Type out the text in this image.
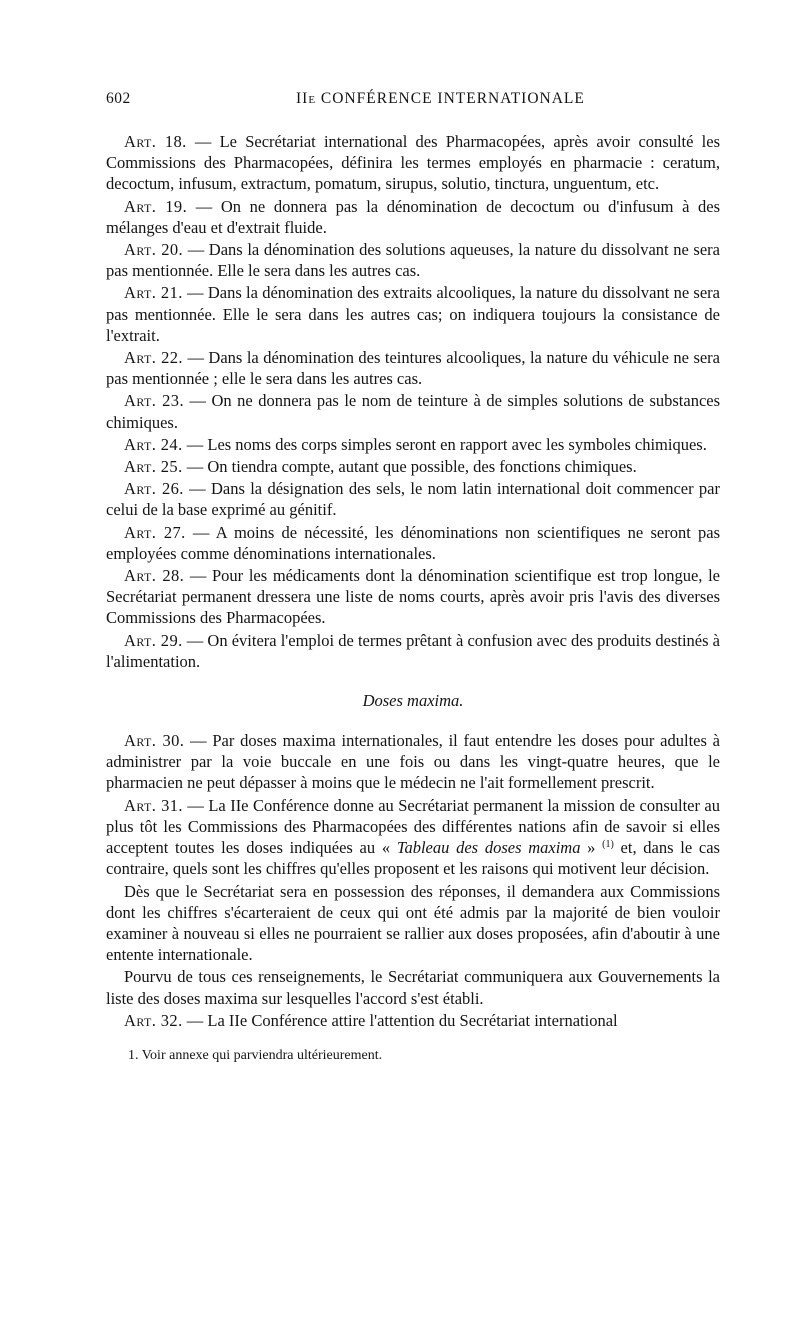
602	IIe CONFÉRENCE INTERNATIONALE

Art. 18. — Le Secrétariat international des Pharmacopées, après avoir consulté les Commissions des Pharmacopées, définira les termes employés en pharmacie : ceratum, decoctum, infusum, extractum, pomatum, sirupus, solutio, tinctura, unguentum, etc.

Art. 19. — On ne donnera pas la dénomination de decoctum ou d'infusum à des mélanges d'eau et d'extrait fluide.

Art. 20. — Dans la dénomination des solutions aqueuses, la nature du dissolvant ne sera pas mentionnée. Elle le sera dans les autres cas.

Art. 21. — Dans la dénomination des extraits alcooliques, la nature du dissolvant ne sera pas mentionnée. Elle le sera dans les autres cas; on indiquera toujours la consistance de l'extrait.

Art. 22. — Dans la dénomination des teintures alcooliques, la nature du véhicule ne sera pas mentionnée ; elle le sera dans les autres cas.

Art. 23. — On ne donnera pas le nom de teinture à de simples solutions de substances chimiques.

Art. 24. — Les noms des corps simples seront en rapport avec les symboles chimiques.

Art. 25. — On tiendra compte, autant que possible, des fonctions chimiques.

Art. 26. — Dans la désignation des sels, le nom latin international doit commencer par celui de la base exprimé au génitif.

Art. 27. — A moins de nécessité, les dénominations non scientifiques ne seront pas employées comme dénominations internationales.

Art. 28. — Pour les médicaments dont la dénomination scientifique est trop longue, le Secrétariat permanent dressera une liste de noms courts, après avoir pris l'avis des diverses Commissions des Pharmacopées.

Art. 29. — On évitera l'emploi de termes prêtant à confusion avec des produits destinés à l'alimentation.

Doses maxima.

Art. 30. — Par doses maxima internationales, il faut entendre les doses pour adultes à administrer par la voie buccale en une fois ou dans les vingt-quatre heures, que le pharmacien ne peut dépasser à moins que le médecin ne l'ait formellement prescrit.

Art. 31. — La IIe Conférence donne au Secrétariat permanent la mission de consulter au plus tôt les Commissions des Pharmacopées des différentes nations afin de savoir si elles acceptent toutes les doses indiquées au « Tableau des doses maxima » $^{(1)}$ et, dans le cas contraire, quels sont les chiffres qu'elles proposent et les raisons qui motivent leur décision.

Dès que le Secrétariat sera en possession des réponses, il demandera aux Commissions dont les chiffres s'écarteraient de ceux qui ont été admis par la majorité de bien vouloir examiner à nouveau si elles ne pourraient se rallier aux doses proposées, afin d'aboutir à une entente internationale.

Pourvu de tous ces renseignements, le Secrétariat communiquera aux Gouvernements la liste des doses maxima sur lesquelles l'accord s'est établi.

Art. 32. — La IIe Conférence attire l'attention du Secrétariat international

1. Voir annexe qui parviendra ultérieurement.
